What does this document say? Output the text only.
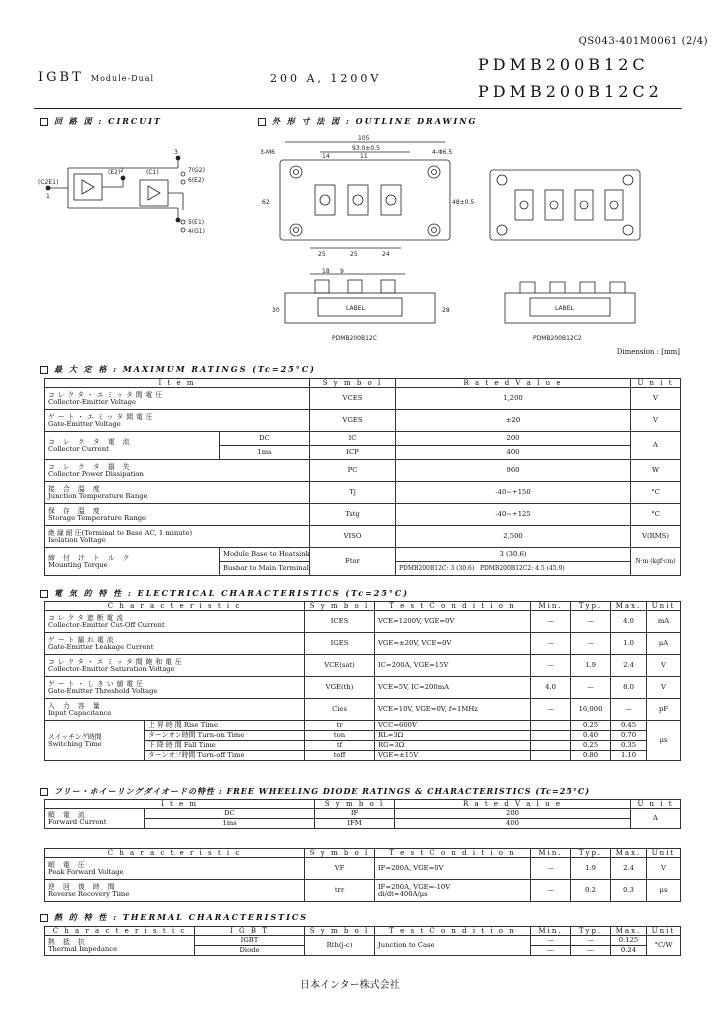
QS043-401M0061 (2/4)
IGBT Module-Dual	200 A, 1200V
PDMB200B12C
PDMB200B12C2
回 路 図 : CIRCUIT	外 形 寸 法 図 : OUTLINE DRAWING
(C2E1)
(E2)	(C1)	7(G2)
6(E2)
5(E1)
4(G1)
1
2
3
105
93.0±0.5
14	11
3-M6	4-Φ6.5
62	48±0.5
25	25	24
LABEL
18 9
30	28
PDMB200B12C
LABEL
PDMB200B12C2
Dimension : [mm]
最 大 定 格 : MAXIMUM RATINGS (Tc=25°C)
I t e m		S y m b o l	R a t e d V a l u e	U n i t

コレクタ・エミッタ間電圧
Collector-Emitter Voltage		VCES	1,200	V

ゲート・エミッタ間電圧
Gate-Emitter Voltage		VGES	±20	V

コ レ ク タ 電 流
Collector Current	DC	IC	200	A
	1ms	ICP	400	

コ レ ク タ 損 失
Collector Power Dissipation		PC	960	W

接 合 温 度
Junction Temperature Range		Tj	-40~+150	°C

保 存 温 度
Storage Temperature Range		Tstg	-40~+125	°C

絶 縁 耐 圧(Terminal to Base AC, 1 minute)
Isolation Voltage		VISO	2,500	V(RMS)

締 付 け ト ル ク
Mounting Torque	Module Base to Heatsink	Ftor	3 (30.6)	N·m (kgf·cm)
	Busbar to Main Terminal		PDMB200B12C: 3 (30.6) PDMB200B12C2: 4.5 (45.9)	
電 気 的 特 性 : ELECTRICAL CHARACTERISTICS (Tc=25°C)
C h a r a c t e r i s t i c		S y m b o l	T e s t C o n d i t i o n	Min.	Typ.	Max.	Unit

コレクタ遮断電流
Collector-Emitter Cut-Off Current		ICES	VCE=1200V, VGE=0V	—	—	4.0	mA

ゲート漏れ電流
Gate-Emitter Leakage Current		IGES	VGE=±20V, VCE=0V	—	—	1.0	μA

コレクタ・エミッタ間飽和電圧
Collector-Emitter Saturation Voltage		VCE(sat)	IC=200A, VGE=15V	—	1.9	2.4	V

ゲート・しきい値電圧
Gate-Emitter Threshold Voltage		VGE(th)	VCE=5V, IC=200mA	4.0	—	8.0	V

入 力 容 量
Input Capacitance		Cies	VCE=10V, VGE=0V, f=1MHz	—	16,000	—	pF

スイッチング時間
Switching Time	上 昇 時 間 Rise Time	tr	VCC=600V		0.25	0.45	μs
	ターンオン時間 Turn-on Time	ton	RL=3Ω		0.40	0.70	
	下 降 時 間 Fall Time	tf	RG=3Ω		0.25	0.35	
	ターンオフ時間 Turn-off Time	toff	VGE=±15V		0.80	1.10	
フリー・ホイーリングダイオードの特性 : FREE WHEELING DIODE RATINGS & CHARACTERISTICS (Tc=25°C)
I t e m		S y m b o l	R a t e d V a l u e	U n i t

順 電 流
Forward Current	DC	IF	200	A
	1ms	IFM	400	
C h a r a c t e r i s t i c	S y m b o l	T e s t C o n d i t i o n	Min.	Typ.	Max.	Unit

順 電 圧
Peak Forward Voltage	VF	IF=200A, VGE=0V	—	1.9	2.4	V

逆 回 復 時 間
Reverse Recovery Time	trr	IF=200A, VGE=-10V
di/dt=400A/μs	—	0.2	0.3	μs
熱 的 特 性 : THERMAL CHARACTERISTICS
C h a r a c t e r i s t i c	I G B T	S y m b o l	T e s t C o n d i t i o n	Min.	Typ.	Max.	Unit

熱 抵 抗
Thermal Impedance	IGBT	Rth(j-c)	Junction to Case	—	—	0.125	°C/W
	Diode			—	—	0.24	
日本インター株式会社
